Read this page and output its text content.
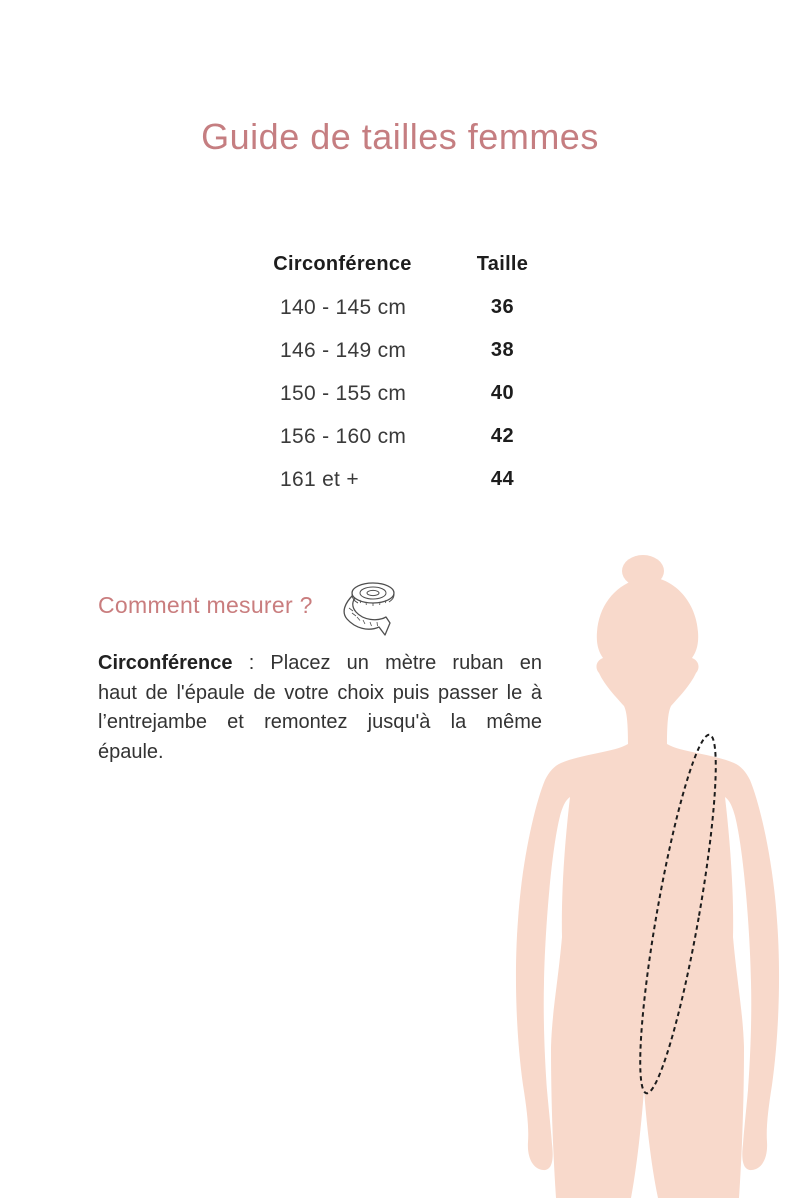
Guide de tailles femmes
Circonférence	Taille
140 - 145 cm	36
146 - 149 cm	38
150 - 155 cm	40
156 - 160 cm	42
161 et +	44
Comment mesurer ?
Circonférence : Placez un mètre ruban en
haut de l'épaule de votre choix puis passer le à
l’entrejambe et remontez jusqu'à la même
épaule.
